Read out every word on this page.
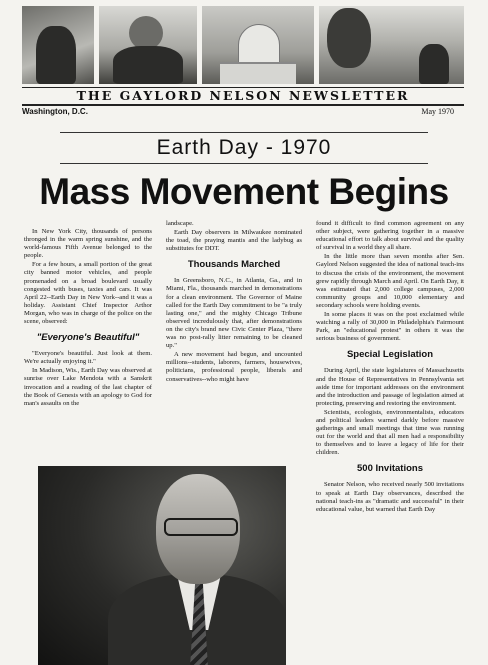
THE GAYLORD NELSON NEWSLETTER
Washington, D.C.	May 1970
Earth Day - 1970
Mass Movement Begins

In New York City, thousands of persons thronged in the warm spring sunshine, and the world-famous Fifth Avenue belonged to the people.

For a few hours, a small portion of the great city banned motor vehicles, and people promenaded on a broad boulevard usually congested with buses, taxies and cars. It was April 22--Earth Day in New York--and it was a holiday. Assistant Chief Inspector Arthor Morgan, who was in charge of the police on the scene, observed:

"Everyone's Beautiful"

"Everyone's beautiful. Just look at them. We're actually enjoying it."

In Madison, Wis., Earth Day was observed at sunrise over Lake Mendota with a Sanskrit invocation and a reading of the last chapter of the Book of Genesis with an apology to God for man's assaults on the

landscape.

Earth Day observers in Milwaukee nominated the toad, the praying mantis and the ladybug as substitutes for DDT.

Thousands Marched

In Greensboro, N.C., in Atlanta, Ga., and in Miami, Fla., thousands marched in demonstrations for a clean environment. The Governor of Maine called for the Earth Day commitment to be "a truly lasting one," and the mighty Chicago Tribune observed incredulously that, after demonstrations on the city's brand new Civic Center Plaza, "there was no post-rally litter remaining to be cleaned up."

A new movement had begun, and uncounted millions--students, laborers, farmers, housewives, politicians, professional people, liberals and conservatives--who might have

found it difficult to find common agreement on any other subject, were gathering together in a massive educational effort to talk about survival and the quality of survival in a world they all share.

In the little more than seven months after Sen. Gaylord Nelson suggested the idea of national teach-ins to discuss the crisis of the environment, the movement grew rapidly through March and April. On Earth Day, it was estimated that 2,000 college campuses, 2,000 community groups and 10,000 elementary and secondary schools were holding events.

In some places it was on the post exclaimed while watching a rally of 30,000 in Philadelphia's Fairmount Park, an "educational protest" in others it was the serious business of government.

Special Legislation

During April, the state legislatures of Massachusetts and the House of Representatives in Pennsylvania set aside time for important addresses on the environment and the introduction and passage of legislation aimed at protecting, preserving and restoring the environment.

Scientists, ecologists, environmentalists, educators and political leaders warned darkly before massive gatherings and small meetings that time was running out for the world and that all men had a responsibility to themselves and to leave a legacy of life for their children.

500 Invitations

Senator Nelson, who received nearly 500 invitations to speak at Earth Day observances, described the national teach-ins as "dramatic and successful" in their educational value, but warned that Earth Day
